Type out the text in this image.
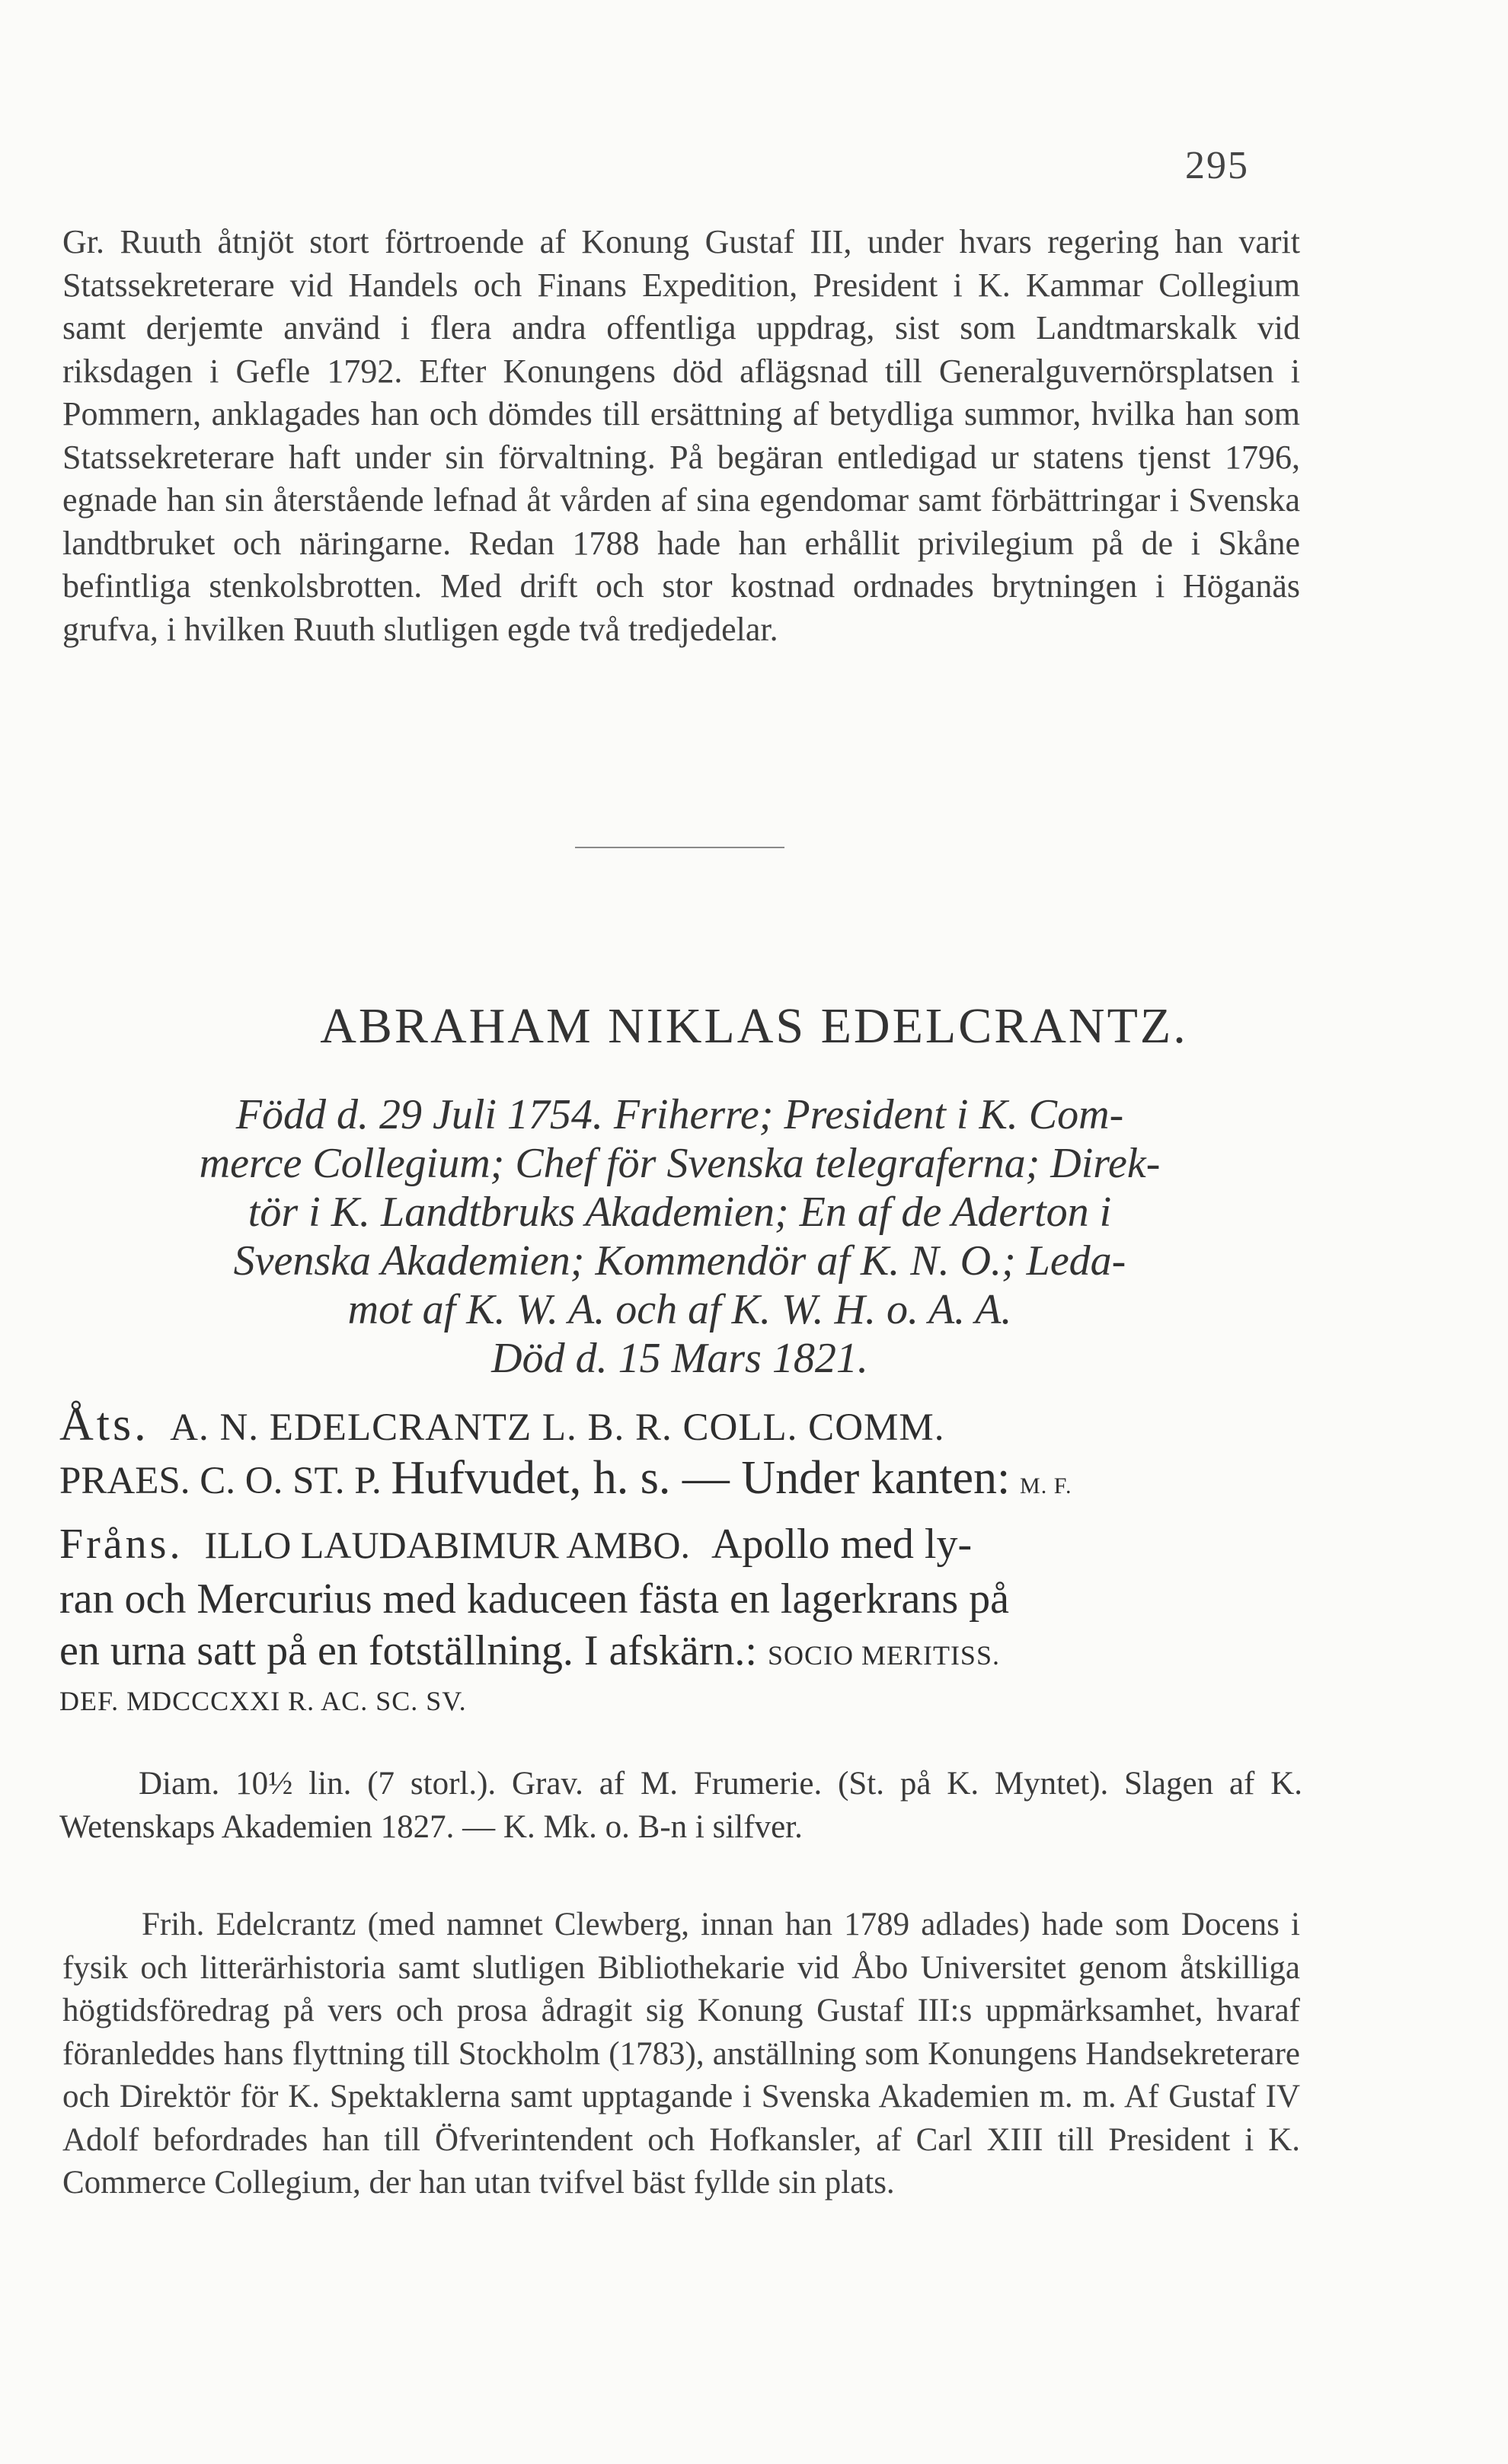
295
Gr. Ruuth åtnjöt stort förtroende af Konung Gustaf III, under hvars regering han varit Statssekreterare vid Handels och Finans Expedition, President i K. Kammar Collegium samt derjemte använd i flera andra offentliga uppdrag, sist som Landtmarskalk vid riksdagen i Gefle 1792. Efter Konungens död aflägsnad till Generalguvernörsplatsen i Pommern, anklagades han och dömdes till ersättning af betydliga summor, hvilka han som Statssekreterare haft under sin förvaltning. På begäran entledigad ur statens tjenst 1796, egnade han sin återstående lefnad åt vården af sina egendomar samt förbättringar i Svenska landtbruket och näringarne. Redan 1788 hade han erhållit privilegium på de i Skåne befintliga stenkolsbrotten. Med drift och stor kostnad ordnades brytningen i Höganäs grufva, i hvilken Ruuth slutligen egde två tredjedelar.
ABRAHAM NIKLAS EDELCRANTZ.
Född d. 29 Juli 1754. Friherre; President i K. Com-
merce Collegium; Chef för Svenska telegraferna; Direk-
tör i K. Landtbruks Akademien; En af de Aderton i
Svenska Akademien; Kommendör af K. N. O.; Leda-
mot af K. W. A. och af K. W. H. o. A. A.
Död d. 15 Mars 1821.
Åts. A. N. EDELCRANTZ L. B. R. COLL. COMM.
PRAES. C. O. ST. P. Hufvudet, h. s. — Under kanten: M. F.
Fråns. ILLO LAUDABIMUR AMBO. Apollo med ly-
ran och Mercurius med kaduceen fästa en lagerkrans på
en urna satt på en fotställning. I afskärn.: SOCIO MERITISS.
DEF. MDCCCXXI R. AC. SC. SV.
Diam. 10½ lin. (7 storl.). Grav. af M. Frumerie. (St. på K. Myntet). Slagen af K. Wetenskaps Akademien 1827. — K. Mk. o. B-n i silfver.
Frih. Edelcrantz (med namnet Clewberg, innan han 1789 adlades) hade som Docens i fysik och litterärhistoria samt slutligen Bibliothekarie vid Åbo Universitet genom åtskilliga högtidsföredrag på vers och prosa ådragit sig Konung Gustaf III:s uppmärksamhet, hvaraf föranleddes hans flyttning till Stockholm (1783), anställning som Konungens Handsekreterare och Direktör för K. Spektaklerna samt upptagande i Svenska Akademien m. m. Af Gustaf IV Adolf befordrades han till Öfverintendent och Hofkansler, af Carl XIII till President i K. Commerce Collegium, der han utan tvifvel bäst fyllde sin plats.
